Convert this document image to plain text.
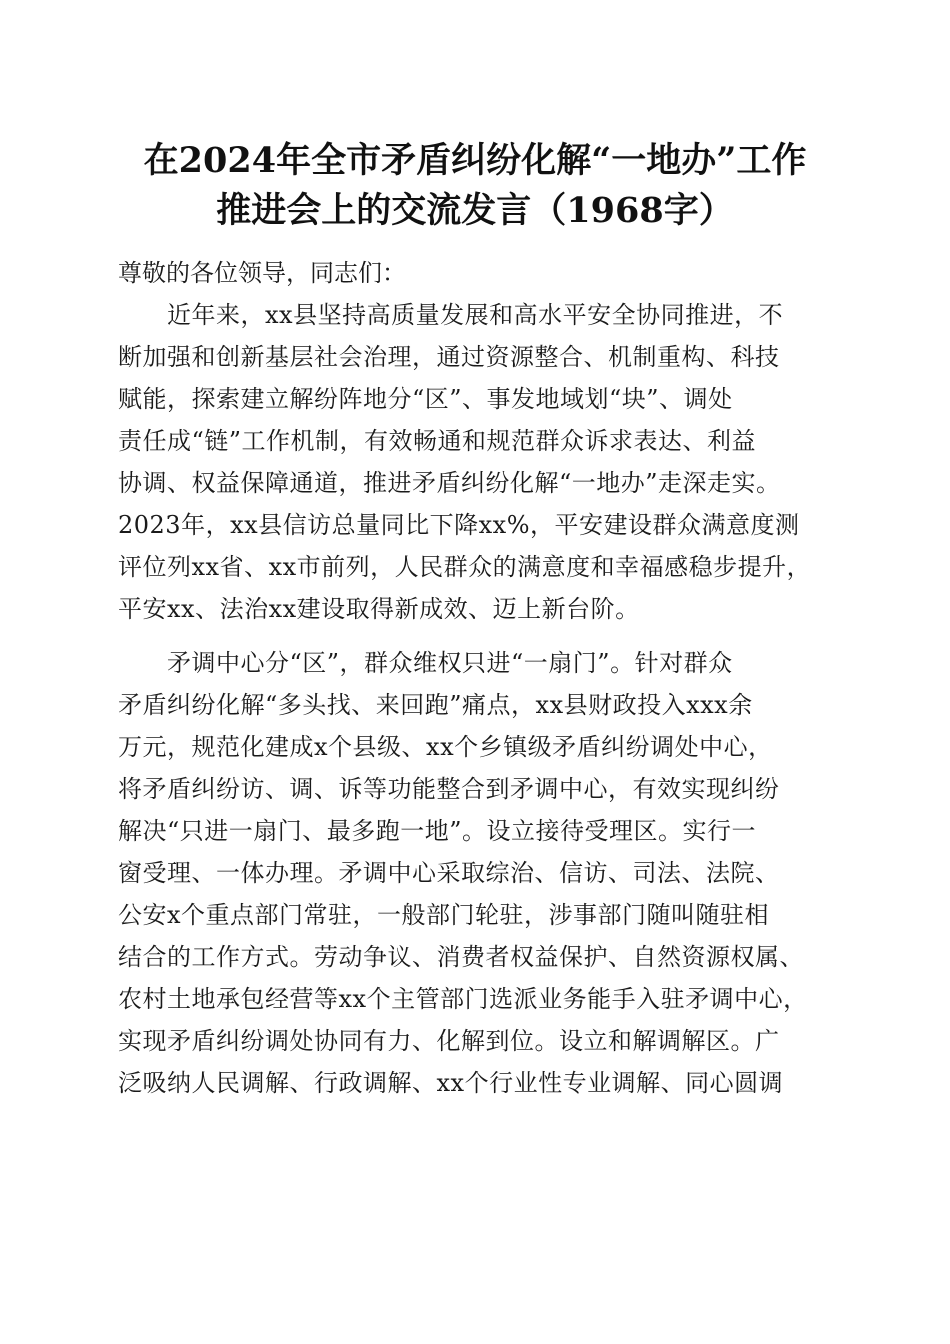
在2024年全市矛盾纠纷化解“一地办”工作
推进会上的交流发言（1968字）

尊敬的各位领导，同志们：

　　近年来，xx县坚持高质量发展和高水平安全协同推进，不
断加强和创新基层社会治理，通过资源整合、机制重构、科技
赋能，探索建立解纷阵地分“区”、事发地域划“块”、调处
责任成“链”工作机制，有效畅通和规范群众诉求表达、利益
协调、权益保障通道，推进矛盾纠纷化解“一地办”走深走实。
2023年，xx县信访总量同比下降xx%，平安建设群众满意度测
评位列xx省、xx市前列，人民群众的满意度和幸福感稳步提升，
平安xx、法治xx建设取得新成效、迈上新台阶。
　　矛调中心分“区”，群众维权只进“一扇门”。针对群众
矛盾纠纷化解“多头找、来回跑”痛点，xx县财政投入xxx余
万元，规范化建成x个县级、xx个乡镇级矛盾纠纷调处中心，
将矛盾纠纷访、调、诉等功能整合到矛调中心，有效实现纠纷
解决“只进一扇门、最多跑一地”。设立接待受理区。实行一
窗受理、一体办理。矛调中心采取综治、信访、司法、法院、
公安x个重点部门常驻，一般部门轮驻，涉事部门随叫随驻相
结合的工作方式。劳动争议、消费者权益保护、自然资源权属、
农村土地承包经营等xx个主管部门选派业务能手入驻矛调中心，
实现矛盾纠纷调处协同有力、化解到位。设立和解调解区。广
泛吸纳人民调解、行政调解、xx个行业性专业调解、同心圆调
